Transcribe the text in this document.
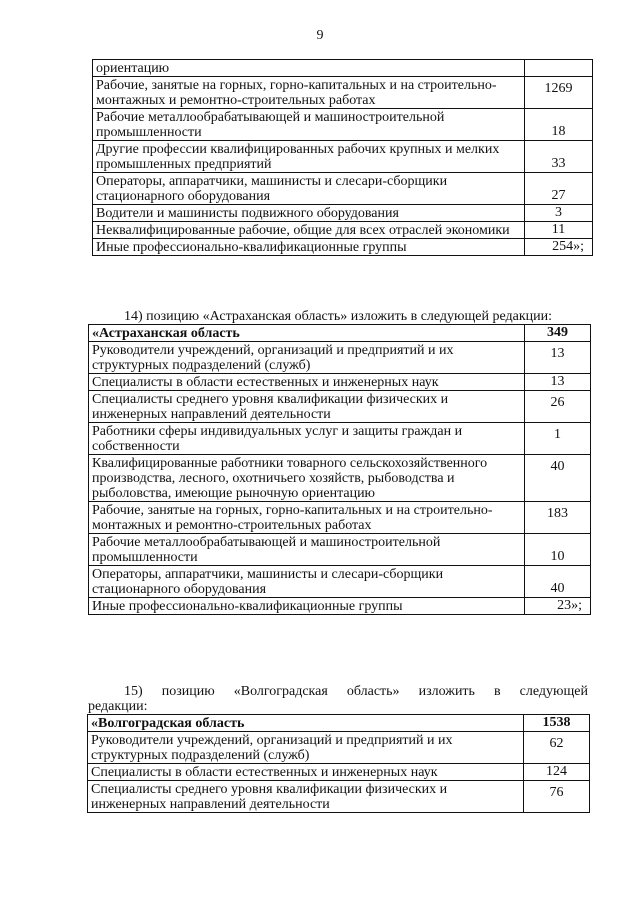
9
ориентацию	
Рабочие, занятые на горных, горно-капитальных и на строительно-монтажных и ремонтно-строительных работах	1269
Рабочие металлообрабатывающей и машиностроительной промышленности	18
Другие профессии квалифицированных рабочих крупных и мелких промышленных предприятий	33
Операторы, аппаратчики, машинисты и слесари-сборщики стационарного оборудования	27
Водители и машинисты подвижного оборудования	3
Неквалифицированные рабочие, общие для всех отраслей экономики	11
Иные профессионально-квалификационные группы	254»;
14) позицию «Астраханская область» изложить в следующей редакции:
«Астраханская область	349
Руководители учреждений, организаций и предприятий и их структурных подразделений (служб)	13
Специалисты в области естественных и инженерных наук	13
Специалисты среднего уровня квалификации физических и инженерных направлений деятельности	26
Работники сферы индивидуальных услуг и защиты граждан и собственности	1
Квалифицированные работники товарного сельскохозяйственного производства, лесного, охотничьего хозяйств, рыбоводства и рыболовства, имеющие рыночную ориентацию	40
Рабочие, занятые на горных, горно-капитальных и на строительно-монтажных и ремонтно-строительных работах	183
Рабочие металлообрабатывающей и машиностроительной промышленности	10
Операторы, аппаратчики, машинисты и слесари-сборщики стационарного оборудования	40
Иные профессионально-квалификационные группы	23»;
15) позицию «Волгоградская область» изложить в следующей
редакции:
«Волгоградская область	1538
Руководители учреждений, организаций и предприятий и их структурных подразделений (служб)	62
Специалисты в области естественных и инженерных наук	124
Специалисты среднего уровня квалификации физических и инженерных направлений деятельности	76
